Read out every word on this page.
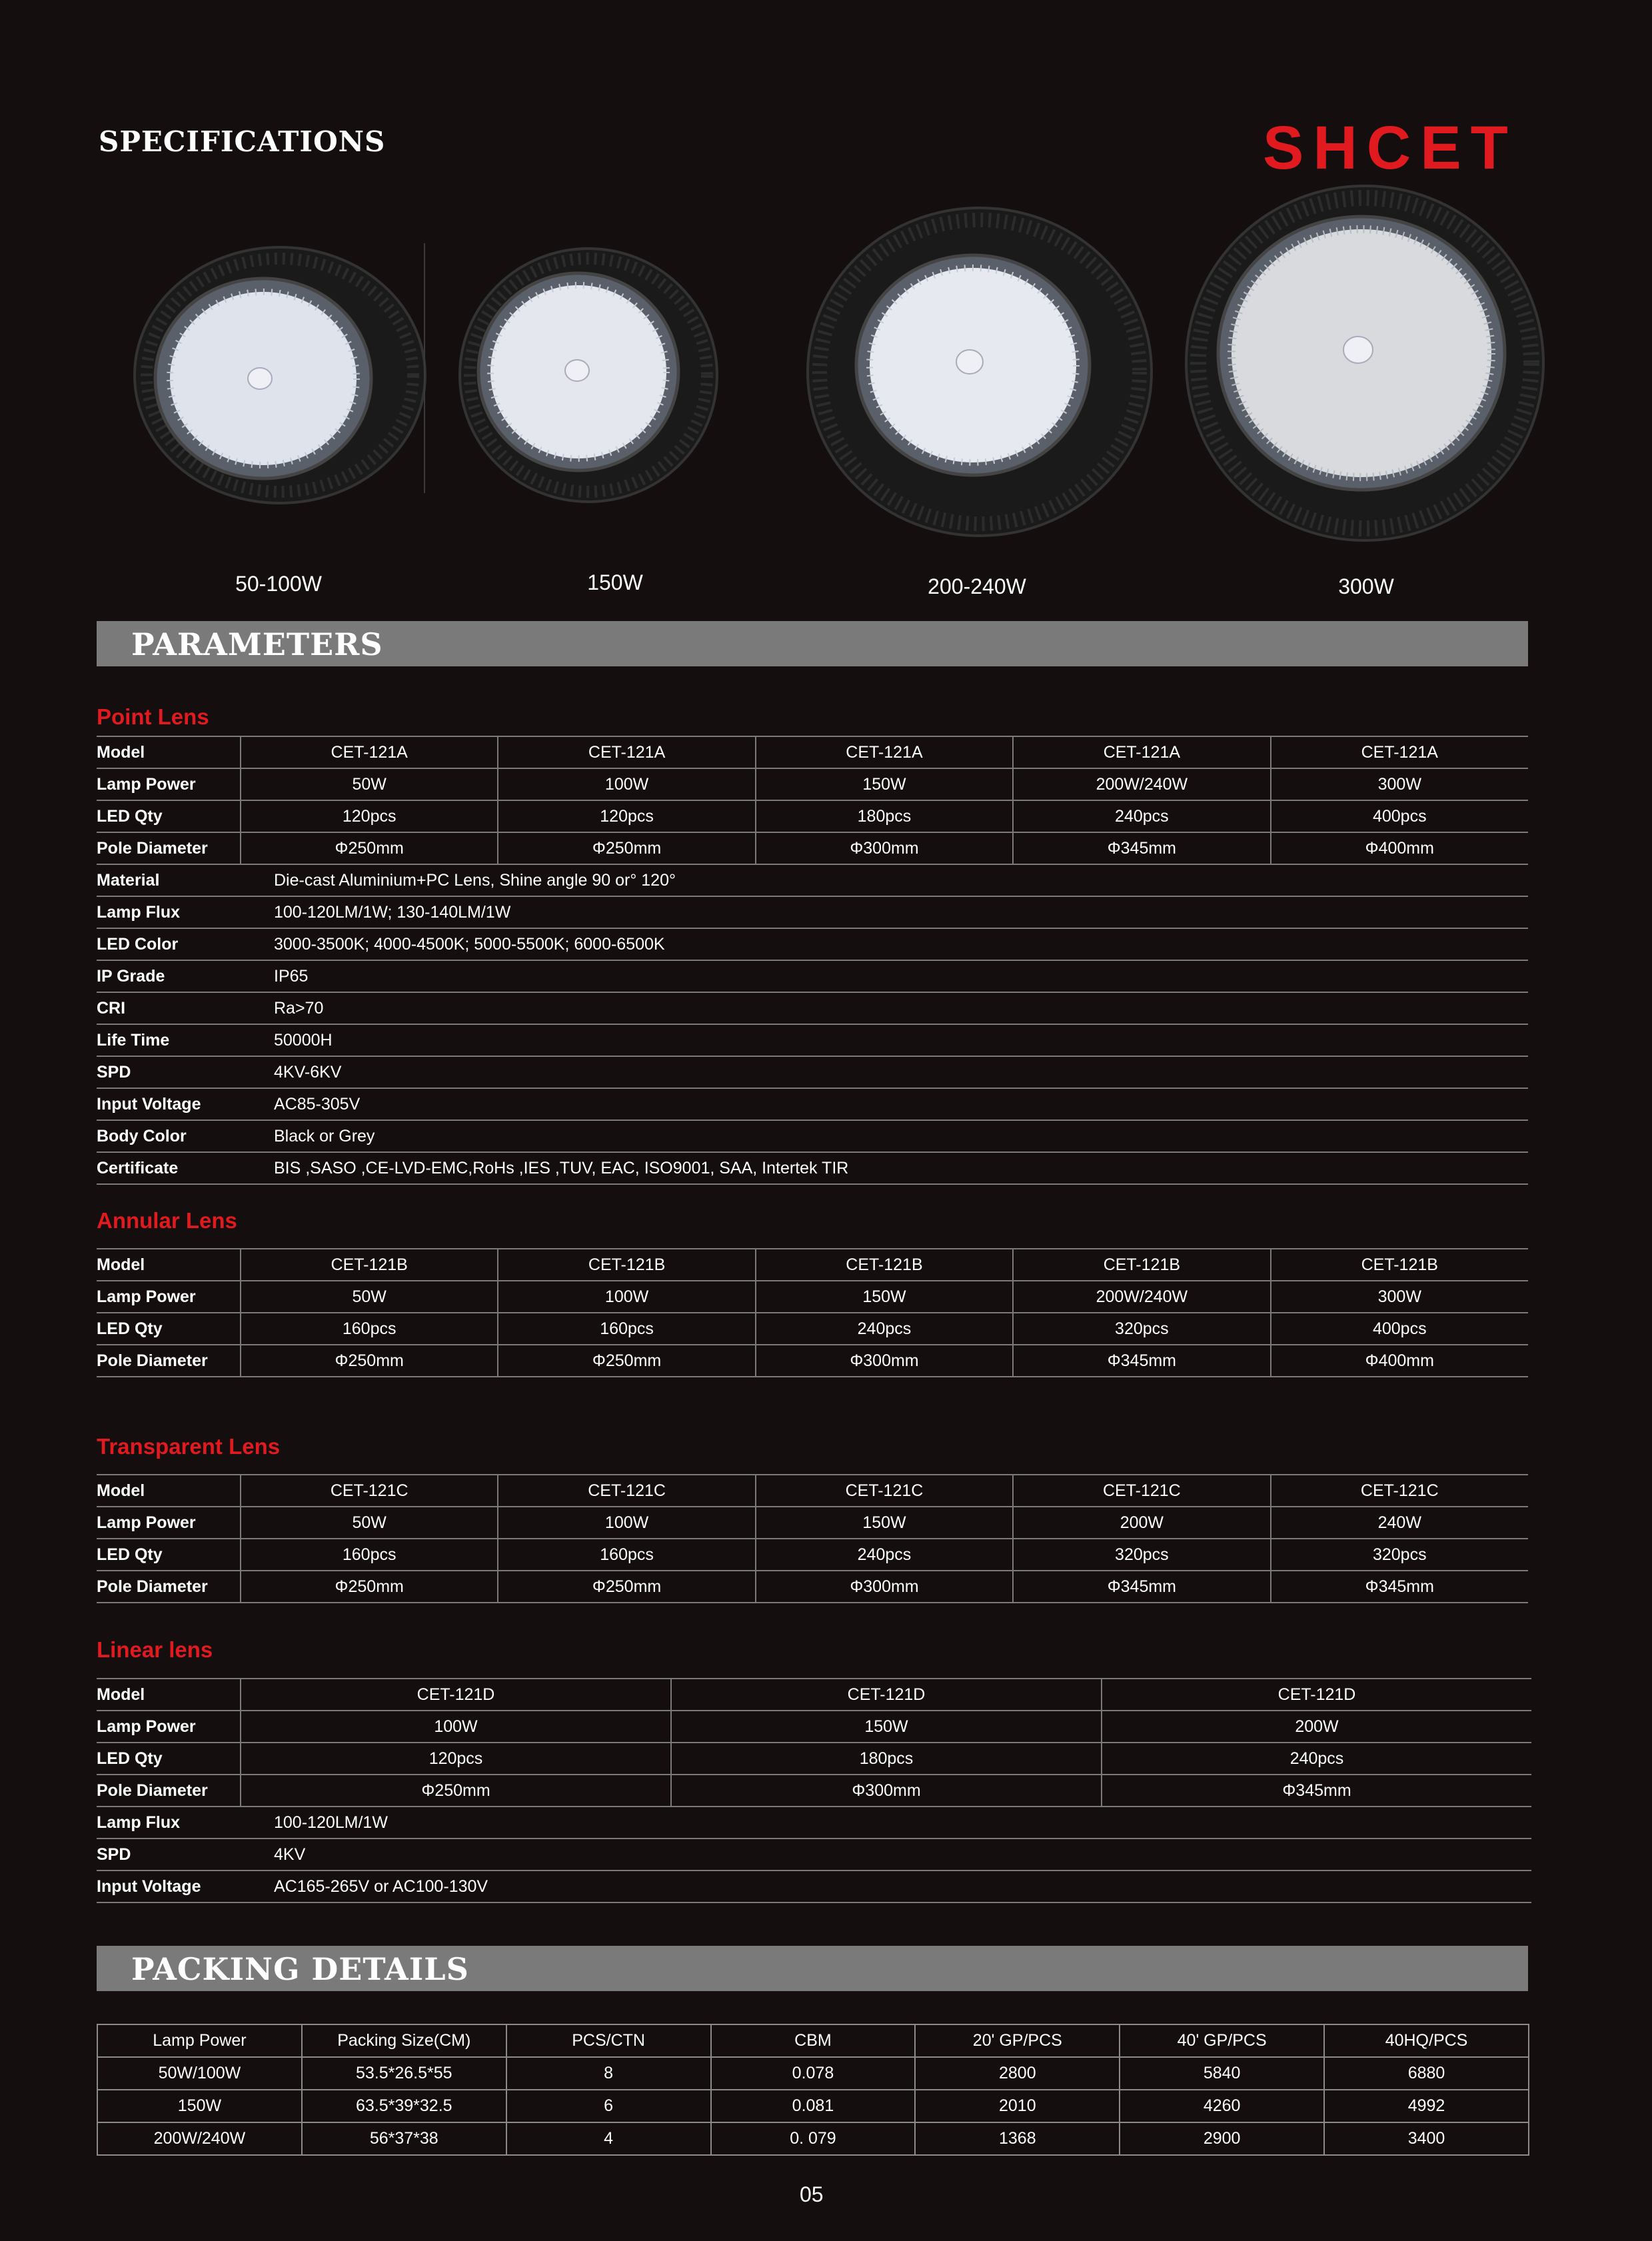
SPECIFICATIONS	SHCET
50-100W	150W	200-240W	300W
PARAMETERS
Point Lens
Model	CET-121A	CET-121A	CET-121A	CET-121A	CET-121A
Lamp Power	50W	100W	150W	200W/240W	300W
LED Qty	120pcs	120pcs	180pcs	240pcs	400pcs
Pole Diameter	Φ250mm	Φ250mm	Φ300mm	Φ345mm	Φ400mm
Material	Die-cast Aluminium+PC Lens, Shine angle 90 or° 120°				
Lamp Flux	100-120LM/1W; 130-140LM/1W				
LED Color	3000-3500K; 4000-4500K; 5000-5500K; 6000-6500K				
IP Grade	IP65				
CRI	Ra>70				
Life Time	50000H				
SPD	4KV-6KV				
Input Voltage	AC85-305V				
Body Color	Black or Grey				
Certificate	BIS ,SASO ,CE-LVD-EMC,RoHs ,IES ,TUV, EAC, ISO9001, SAA, Intertek TIR				
Annular Lens
Model	CET-121B	CET-121B	CET-121B	CET-121B	CET-121B
Lamp Power	50W	100W	150W	200W/240W	300W
LED Qty	160pcs	160pcs	240pcs	320pcs	400pcs
Pole Diameter	Φ250mm	Φ250mm	Φ300mm	Φ345mm	Φ400mm
Transparent Lens
Model	CET-121C	CET-121C	CET-121C	CET-121C	CET-121C
Lamp Power	50W	100W	150W	200W	240W
LED Qty	160pcs	160pcs	240pcs	320pcs	320pcs
Pole Diameter	Φ250mm	Φ250mm	Φ300mm	Φ345mm	Φ345mm
Linear lens
Model	CET-121D	CET-121D	CET-121D
Lamp Power	100W	150W	200W
LED Qty	120pcs	180pcs	240pcs
Pole Diameter	Φ250mm	Φ300mm	Φ345mm
Lamp Flux	100-120LM/1W		
SPD	4KV		
Input Voltage	AC165-265V or AC100-130V		
PACKING DETAILS
Lamp Power	Packing Size(CM)	PCS/CTN	CBM	20' GP/PCS	40' GP/PCS	40HQ/PCS
50W/100W	53.5*26.5*55	8	0.078	2800	5840	6880
150W	63.5*39*32.5	6	0.081	2010	4260	4992
200W/240W	56*37*38	4	0. 079	1368	2900	3400
05
